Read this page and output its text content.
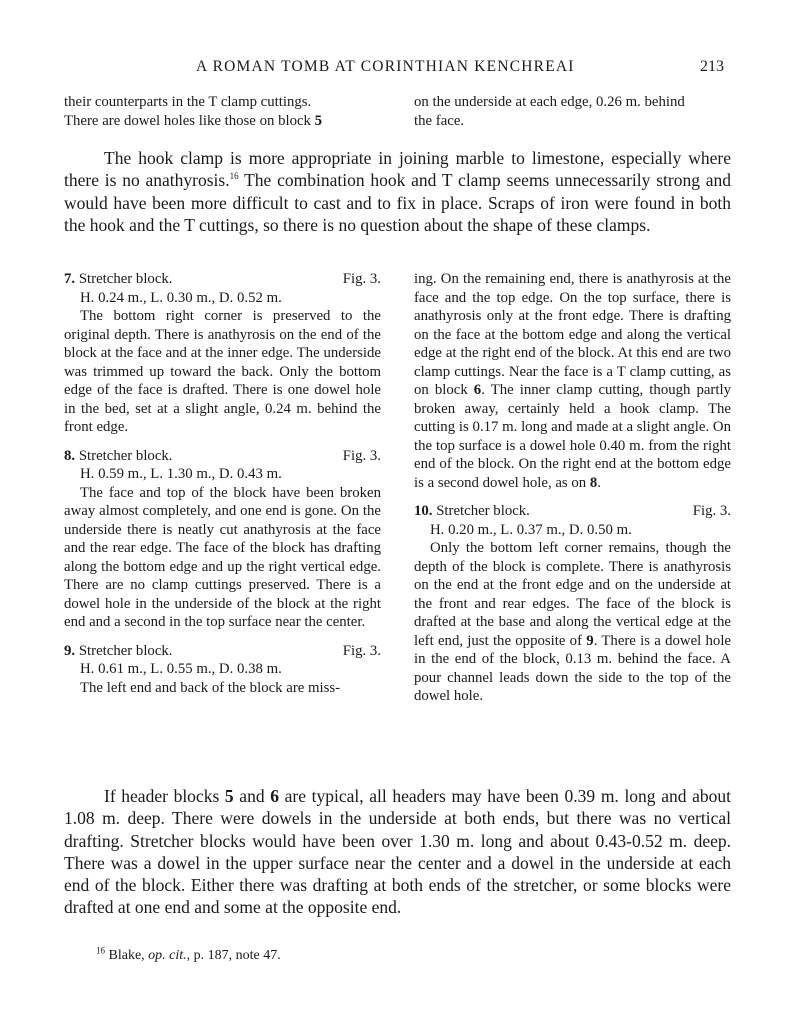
A ROMAN TOMB AT CORINTHIAN KENCHREAI	213

their counterparts in the T clamp cuttings.

There are dowel holes like those on block 5

on the underside at each edge, 0.26 m. behind

the face.

The hook clamp is more appropriate in joining marble to limestone, especially where there is no anathyrosis.$^{16}$ The combination hook and T clamp seems unnecessarily strong and would have been more difficult to cast and to fix in place. Scraps of iron were found in both the hook and the T cuttings, so there is no question about the shape of these clamps.

7. Stretcher block.	Fig. 3.

H. 0.24 m., L. 0.30 m., D. 0.52 m.

The bottom right corner is preserved to the original depth. There is anathyrosis on the end of the block at the face and at the inner edge. The underside was trimmed up toward the back. Only the bottom edge of the face is drafted. There is one dowel hole in the bed, set at a slight angle, 0.24 m. behind the front edge.

8. Stretcher block.	Fig. 3.

H. 0.59 m., L. 1.30 m., D. 0.43 m.

The face and top of the block have been broken away almost completely, and one end is gone. On the underside there is neatly cut anathyrosis at the face and the rear edge. The face of the block has drafting along the bottom edge and up the right vertical edge. There are no clamp cuttings preserved. There is a dowel hole in the underside of the block at the right end and a second in the top surface near the center.

9. Stretcher block.	Fig. 3.

H. 0.61 m., L. 0.55 m., D. 0.38 m.

The left end and back of the block are miss-

ing. On the remaining end, there is anathyrosis at the face and the top edge. On the top surface, there is anathyrosis only at the front edge. There is drafting on the face at the bottom edge and along the vertical edge at the right end of the block. At this end are two clamp cuttings. Near the face is a T clamp cutting, as on block 6. The inner clamp cutting, though partly broken away, certainly held a hook clamp. The cutting is 0.17 m. long and made at a slight angle. On the top surface is a dowel hole 0.40 m. from the right end of the block. On the right end at the bottom edge is a second dowel hole, as on 8.

10. Stretcher block.	Fig. 3.

H. 0.20 m., L. 0.37 m., D. 0.50 m.

Only the bottom left corner remains, though the depth of the block is complete. There is anathyrosis on the end at the front edge and on the underside at the front and rear edges. The face of the block is drafted at the base and along the vertical edge at the left end, just the opposite of 9. There is a dowel hole in the end of the block, 0.13 m. behind the face. A pour channel leads down the side to the top of the dowel hole.

If header blocks 5 and 6 are typical, all headers may have been 0.39 m. long and about 1.08 m. deep. There were dowels in the underside at both ends, but there was no vertical drafting. Stretcher blocks would have been over 1.30 m. long and about 0.43-0.52 m. deep. There was a dowel in the upper surface near the center and a dowel in the underside at each end of the block. Either there was drafting at both ends of the stretcher, or some blocks were drafted at one end and some at the opposite end.

$^{16}$ Blake, op. cit., p. 187, note 47.
